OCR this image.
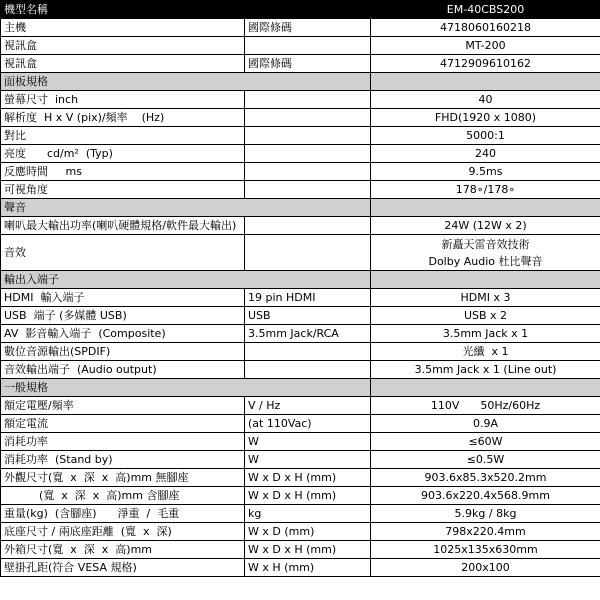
機型名稱		EM-40CBS200
主機	國際條碼	4718060160218
視訊盒		MT-200
視訊盒	國際條碼	4712909610162
面板規格		
螢幕尺寸  inch		40
解析度  H x V (pix)/頻率    (Hz)		FHD(1920 x 1080)
對比		5000:1
亮度      cd/m²  (Typ)		240
反應時間     ms		9.5ms
可視角度		178∘/178∘
聲音		
喇叭最大輸出功率(喇叭硬體規格/軟件最大輸出)		24W (12W x 2)
音效		新矗天雷音效技術
Dolby Audio 杜比聲音

輸出入端子		
HDMI  輸入端子	19 pin HDMI	HDMI x 3
USB  端子 (多媒體 USB)	USB	USB x 2
AV  影音輸入端子  (Composite)	3.5mm Jack/RCA	3.5mm Jack x 1
數位音源輸出(SPDIF)		光纖  x 1
音效輸出端子  (Audio output)		3.5mm Jack x 1 (Line out)
一般規格		
額定電壓/頻率	V / Hz	110V      50Hz/60Hz
額定電流	(at 110Vac)	0.9A
消耗功率	W	≤60W
消耗功率  (Stand by)	W	≤0.5W
外觀尺寸(寬  x  深  x  高)mm 無腳座	W x D x H (mm)	903.6x85.3x520.2mm
(寬  x  深  x  高)mm 含腳座	W x D x H (mm)	903.6x220.4x568.9mm
重量(kg)  (含腳座)      淨重  /  毛重	kg	5.9kg / 8kg
底座尺寸 / 兩底座距離  (寬  x  深)	W x D (mm)	798x220.4mm
外箱尺寸(寬  x  深  x  高)mm	W x D x H (mm)	1025x135x630mm
壁掛孔距(符合 VESA 規格)	W x H (mm)	200x100
